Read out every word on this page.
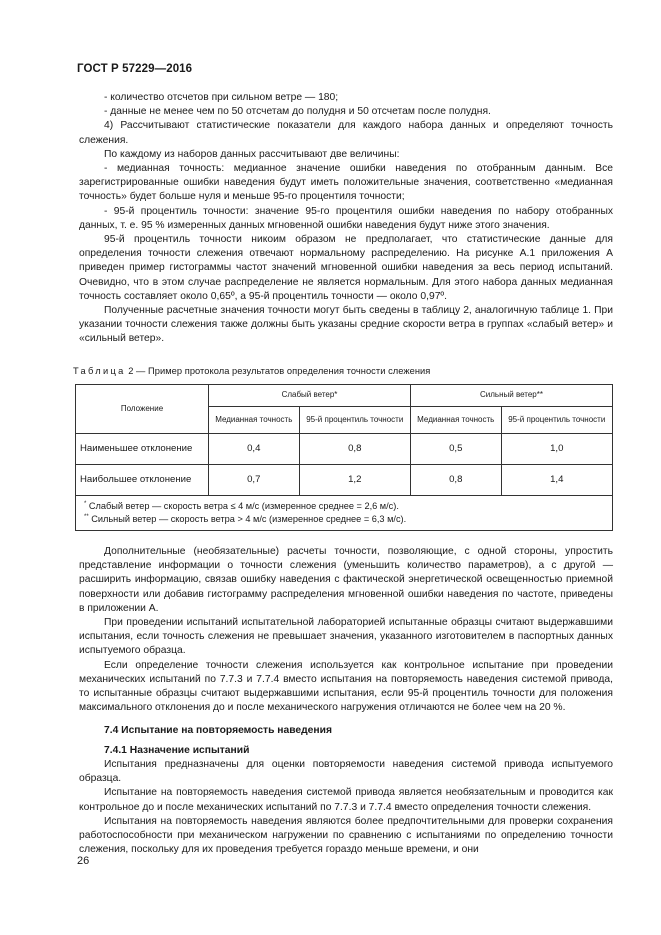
ГОСТ Р 57229—2016

- количество отсчетов при сильном ветре — 180;

- данные не менее чем по 50 отсчетам до полудня и 50 отсчетам после полудня.

4) Рассчитывают статистические показатели для каждого набора данных и определяют точность слежения.

По каждому из наборов данных рассчитывают две величины:

- медианная точность: медианное значение ошибки наведения по отобранным данным. Все зарегистрированные ошибки наведения будут иметь положительные значения, соответственно «медианная точность» будет больше нуля и меньше 95-го процентиля точности;

- 95-й процентиль точности: значение 95-го процентиля ошибки наведения по набору отобранных данных, т. е. 95 % измеренных данных мгновенной ошибки наведения будут ниже этого значения.

95-й процентиль точности никоим образом не предполагает, что статистические данные для определения точности слежения отвечают нормальному распределению. На рисунке А.1 приложения А приведен пример гистограммы частот значений мгновенной ошибки наведения за весь период испытаний. Очевидно, что в этом случае распределение не является нормальным. Для этого набора данных медианная точность составляет около 0,65º, а 95-й процентиль точности — около 0,97º.

Полученные расчетные значения точности могут быть сведены в таблицу 2, аналогичную таблице 1. При указании точности слежения также должны быть указаны средние скорости ветра в группах «слабый ветер» и «сильный ветер».

Таблица 2 — Пример протокола результатов определения точности слежения
Положение	Слабый ветер*		Сильный ветер**	
	Медианная точность	95-й процентиль точности	Медианная точность	95-й процентиль точности
Наименьшее отклонение	0,4	0,8	0,5	1,0
Наибольшее отклонение	0,7	1,2	0,8	1,4

* Слабый ветер — скорость ветра ≤ 4 м/с (измеренное среднее = 2,6 м/с).
** Сильный ветер — скорость ветра > 4 м/с (измеренное среднее = 6,3 м/с).				

Дополнительные (необязательные) расчеты точности, позволяющие, с одной стороны, упростить представление информации о точности слежения (уменьшить количество параметров), а с другой — расширить информацию, связав ошибку наведения с фактической энергетической освещенностью приемной поверхности или добавив гистограмму распределения мгновенной ошибки наведения по частоте, приведены в приложении А.

При проведении испытаний испытательной лабораторией испытанные образцы считают выдержавшими испытания, если точность слежения не превышает значения, указанного изготовителем в паспортных данных испытуемого образца.

Если определение точности слежения используется как контрольное испытание при проведении механических испытаний по 7.7.3 и 7.7.4 вместо испытания на повторяемость наведения системой привода, то испытанные образцы считают выдержавшими испытания, если 95-й процентиль точности для положения максимального отклонения до и после механического нагружения отличаются не более чем на 20 %.

7.4 Испытание на повторяемость наведения

7.4.1 Назначение испытаний

Испытания предназначены для оценки повторяемости наведения системой привода испытуемого образца.

Испытание на повторяемость наведения системой привода является необязательным и проводится как контрольное до и после механических испытаний по 7.7.3 и 7.7.4 вместо определения точности слежения.

Испытания на повторяемость наведения являются более предпочтительными для проверки сохранения работоспособности при механическом нагружении по сравнению с испытаниями по определению точности слежения, поскольку для их проведения требуется гораздо меньше времени, и они

26
